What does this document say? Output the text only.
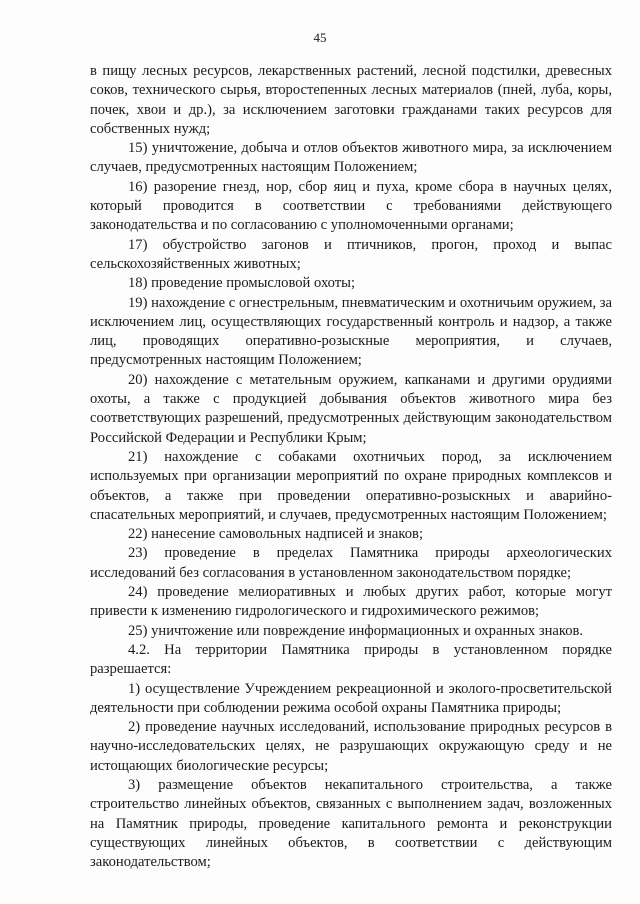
45

в пищу лесных ресурсов, лекарственных растений, лесной подстилки, древесных соков, технического сырья, второстепенных лесных материалов (пней, луба, коры, почек, хвои и др.), за исключением заготовки гражданами таких ресурсов для собственных нужд;

15) уничтожение, добыча и отлов объектов животного мира, за исключением случаев, предусмотренных настоящим Положением;

16) разорение гнезд, нор, сбор яиц и пуха, кроме сбора в научных целях, который проводится в соответствии с требованиями действующего законодательства и по согласованию с уполномоченными органами;

17) обустройство загонов и птичников, прогон, проход и выпас сельскохозяйственных животных;

18) проведение промысловой охоты;

19) нахождение с огнестрельным, пневматическим и охотничьим оружием, за исключением лиц, осуществляющих государственный контроль и надзор, а также лиц, проводящих оперативно-розыскные мероприятия, и случаев, предусмотренных настоящим Положением;

20) нахождение с метательным оружием, капканами и другими орудиями охоты, а также с продукцией добывания объектов животного мира без соответствующих разрешений, предусмотренных действующим законодательством Российской Федерации и Республики Крым;

21) нахождение с собаками охотничьих пород, за исключением используемых при организации мероприятий по охране природных комплексов и объектов, а также при проведении оперативно-розыскных и аварийно-спасательных мероприятий, и случаев, предусмотренных настоящим Положением;

22) нанесение самовольных надписей и знаков;

23) проведение в пределах Памятника природы археологических исследований без согласования в установленном законодательством порядке;

24) проведение мелиоративных и любых других работ, которые могут привести к изменению гидрологического и гидрохимического режимов;

25) уничтожение или повреждение информационных и охранных знаков.

4.2. На территории Памятника природы в установленном порядке разрешается:

1) осуществление Учреждением рекреационной и эколого-просветительской деятельности при соблюдении режима особой охраны Памятника природы;

2) проведение научных исследований, использование природных ресурсов в научно-исследовательских целях, не разрушающих окружающую среду и не истощающих биологические ресурсы;

3) размещение объектов некапитального строительства, а также строительство линейных объектов, связанных с выполнением задач, возложенных на Памятник природы, проведение капитального ремонта и реконструкции существующих линейных объектов, в соответствии с действующим законодательством;
